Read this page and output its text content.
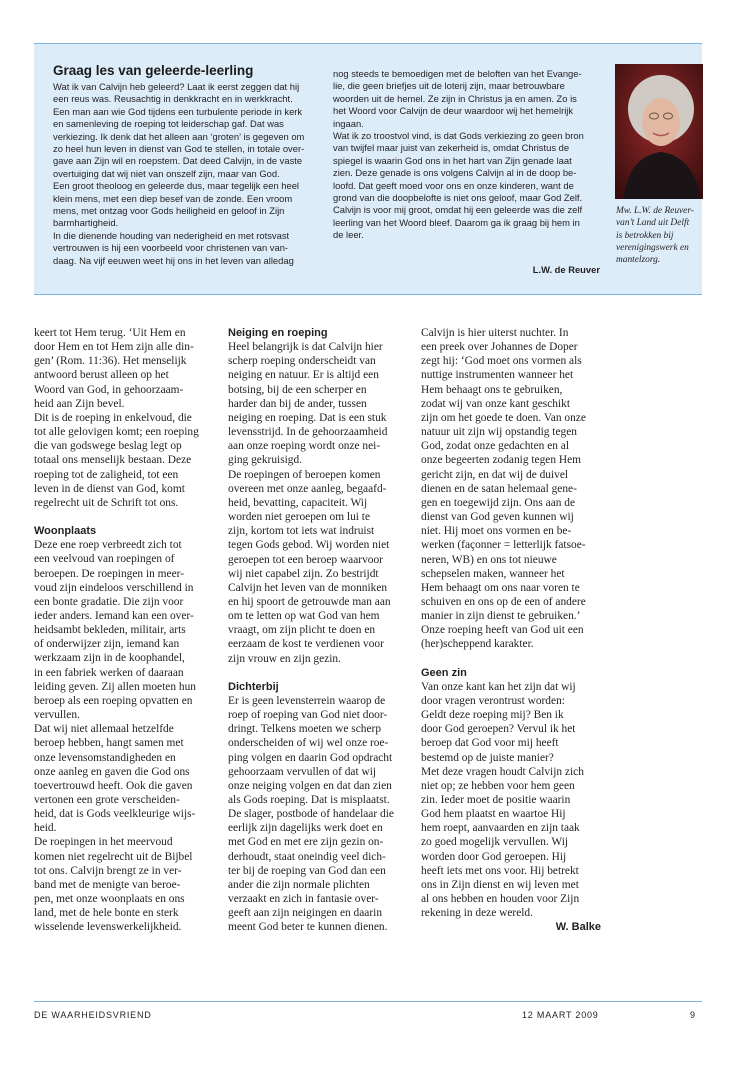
Graag les van geleerde-leerling
Wat ik van Calvijn heb geleerd? Laat ik eerst zeggen dat hij
een reus was. Reusachtig in denkkracht en in werkkracht.
Een man aan wie God tijdens een turbulente periode in kerk
en samenleving de roeping tot leiderschap gaf. Dat was
verkiezing. Ik denk dat het alleen aan ‘groten’ is gegeven om
zo heel hun leven in dienst van God te stellen, in totale over-
gave aan Zijn wil en roepstem. Dat deed Calvijn, in de vaste
overtuiging dat wij niet van onszelf zijn, maar van God.
Een groot theoloog en geleerde dus, maar tegelijk een heel
klein mens, met een diep besef van de zonde. Een vroom
mens, met ontzag voor Gods heiligheid en geloof in Zijn
barmhartigheid.
In die dienende houding van nederigheid en met rotsvast
vertrouwen is hij een voorbeeld voor christenen van van-
daag. Na vijf eeuwen weet hij ons in het leven van alledag
nog steeds te bemoedigen met de beloften van het Evange-
lie, die geen briefjes uit de loterij zijn, maar betrouwbare
woorden uit de hemel. Ze zijn in Christus ja en amen. Zo is
het Woord voor Calvijn de deur waardoor wij het hemelrijk
ingaan.
Wat ik zo troostvol vind, is dat Gods verkiezing zo geen bron
van twijfel maar juist van zekerheid is, omdat Christus de
spiegel is waarin God ons in het hart van Zijn genade laat
zien. Deze genade is ons volgens Calvijn al in de doop be-
loofd. Dat geeft moed voor ons en onze kinderen, want de
grond van die doopbelofte is niet ons geloof, maar God Zelf.
Calvijn is voor mij groot, omdat hij een geleerde was die zelf
leerling van het Woord bleef. Daarom ga ik graag bij hem in
de leer.
L.W. de Reuver
Mw. L.W. de Reuver-
van’t Land uit Delft
is betrokken bij
verenigingswerk en
mantelzorg.

keert tot Hem terug. ‘Uit Hem en
door Hem en tot Hem zijn alle din-
gen’ (Rom. 11:36). Het menselijk
antwoord berust alleen op het
Woord van God, in gehoorzaam-
heid aan Zijn bevel.
Dit is de roeping in enkelvoud, die
tot alle gelovigen komt; een roeping
die van godswege beslag legt op
totaal ons menselijk bestaan. Deze
roeping tot de zaligheid, tot een
leven in de dienst van God, komt
regelrecht uit de Schrift tot ons.

Woonplaats

Deze ene roep verbreedt zich tot
een veelvoud van roepingen of
beroepen. De roepingen in meer-
voud zijn eindeloos verschillend in
een bonte gradatie. Die zijn voor
ieder anders. Iemand kan een over-
heidsambt bekleden, militair, arts
of onderwijzer zijn, iemand kan
werkzaam zijn in de koophandel,
in een fabriek werken of daaraan
leiding geven. Zij allen moeten hun
beroep als een roeping opvatten en
vervullen.
Dat wij niet allemaal hetzelfde
beroep hebben, hangt samen met
onze levensomstandigheden en
onze aanleg en gaven die God ons
toevertrouwd heeft. Ook die gaven
vertonen een grote verscheiden-
heid, dat is Gods veelkleurige wijs-
heid.
De roepingen in het meervoud
komen niet regelrecht uit de Bijbel
tot ons. Calvijn brengt ze in ver-
band met de menigte van beroe-
pen, met onze woonplaats en ons
land, met de hele bonte en sterk
wisselende levenswerkelijkheid.

Neiging en roeping

Heel belangrijk is dat Calvijn hier
scherp roeping onderscheidt van
neiging en natuur. Er is altijd een
botsing, bij de een scherper en
harder dan bij de ander, tussen
neiging en roeping. Dat is een stuk
levensstrijd. In de gehoorzaamheid
aan onze roeping wordt onze nei-
ging gekruisigd.
De roepingen of beroepen komen
overeen met onze aanleg, begaafd-
heid, bevatting, capaciteit. Wij
worden niet geroepen om lui te
zijn, kortom tot iets wat indruist
tegen Gods gebod. Wij worden niet
geroepen tot een beroep waarvoor
wij niet capabel zijn. Zo bestrijdt
Calvijn het leven van de monniken
en hij spoort de getrouwde man aan
om te letten op wat God van hem
vraagt, om zijn plicht te doen en
eerzaam de kost te verdienen voor
zijn vrouw en zijn gezin.

Dichterbij

Er is geen levensterrein waarop de
roep of roeping van God niet door-
dringt. Telkens moeten we scherp
onderscheiden of wij wel onze roe-
ping volgen en daarin God opdracht
gehoorzaam vervullen of dat wij
onze neiging volgen en dat dan zien
als Gods roeping. Dat is misplaatst.
De slager, postbode of handelaar die
eerlijk zijn dagelijks werk doet en
met God en met ere zijn gezin on-
derhoudt, staat oneindig veel dich-
ter bij de roeping van God dan een
ander die zijn normale plichten
verzaakt en zich in fantasie over-
geeft aan zijn neigingen en daarin
meent God beter te kunnen dienen.

Calvijn is hier uiterst nuchter. In
een preek over Johannes de Doper
zegt hij: ‘God moet ons vormen als
nuttige instrumenten wanneer het
Hem behaagt ons te gebruiken,
zodat wij van onze kant geschikt
zijn om het goede te doen. Van onze
natuur uit zijn wij opstandig tegen
God, zodat onze gedachten en al
onze begeerten zodanig tegen Hem
gericht zijn, en dat wij de duivel
dienen en de satan helemaal gene-
gen en toegewijd zijn. Ons aan de
dienst van God geven kunnen wij
niet. Hij moet ons vormen en be-
werken (façonner = letterlijk fatsoe-
neren, WB) en ons tot nieuwe
schepselen maken, wanneer het
Hem behaagt om ons naar voren te
schuiven en ons op de een of andere
manier in zijn dienst te gebruiken.’
Onze roeping heeft van God uit een
(her)scheppend karakter.

Geen zin

Van onze kant kan het zijn dat wij
door vragen verontrust worden:
Geldt deze roeping mij? Ben ik
door God geroepen? Vervul ik het
beroep dat God voor mij heeft
bestemd op de juiste manier?
Met deze vragen houdt Calvijn zich
niet op; ze hebben voor hem geen
zin. Ieder moet de positie waarin
God hem plaatst en waartoe Hij
hem roept, aanvaarden en zijn taak
zo goed mogelijk vervullen. Wij
worden door God geroepen. Hij
heeft iets met ons voor. Hij betrekt
ons in Zijn dienst en wij leven met
al ons hebben en houden voor Zijn
rekening in deze wereld.

W. Balke
DE WAARHEIDSVRIEND	12 MAART 2009	9
